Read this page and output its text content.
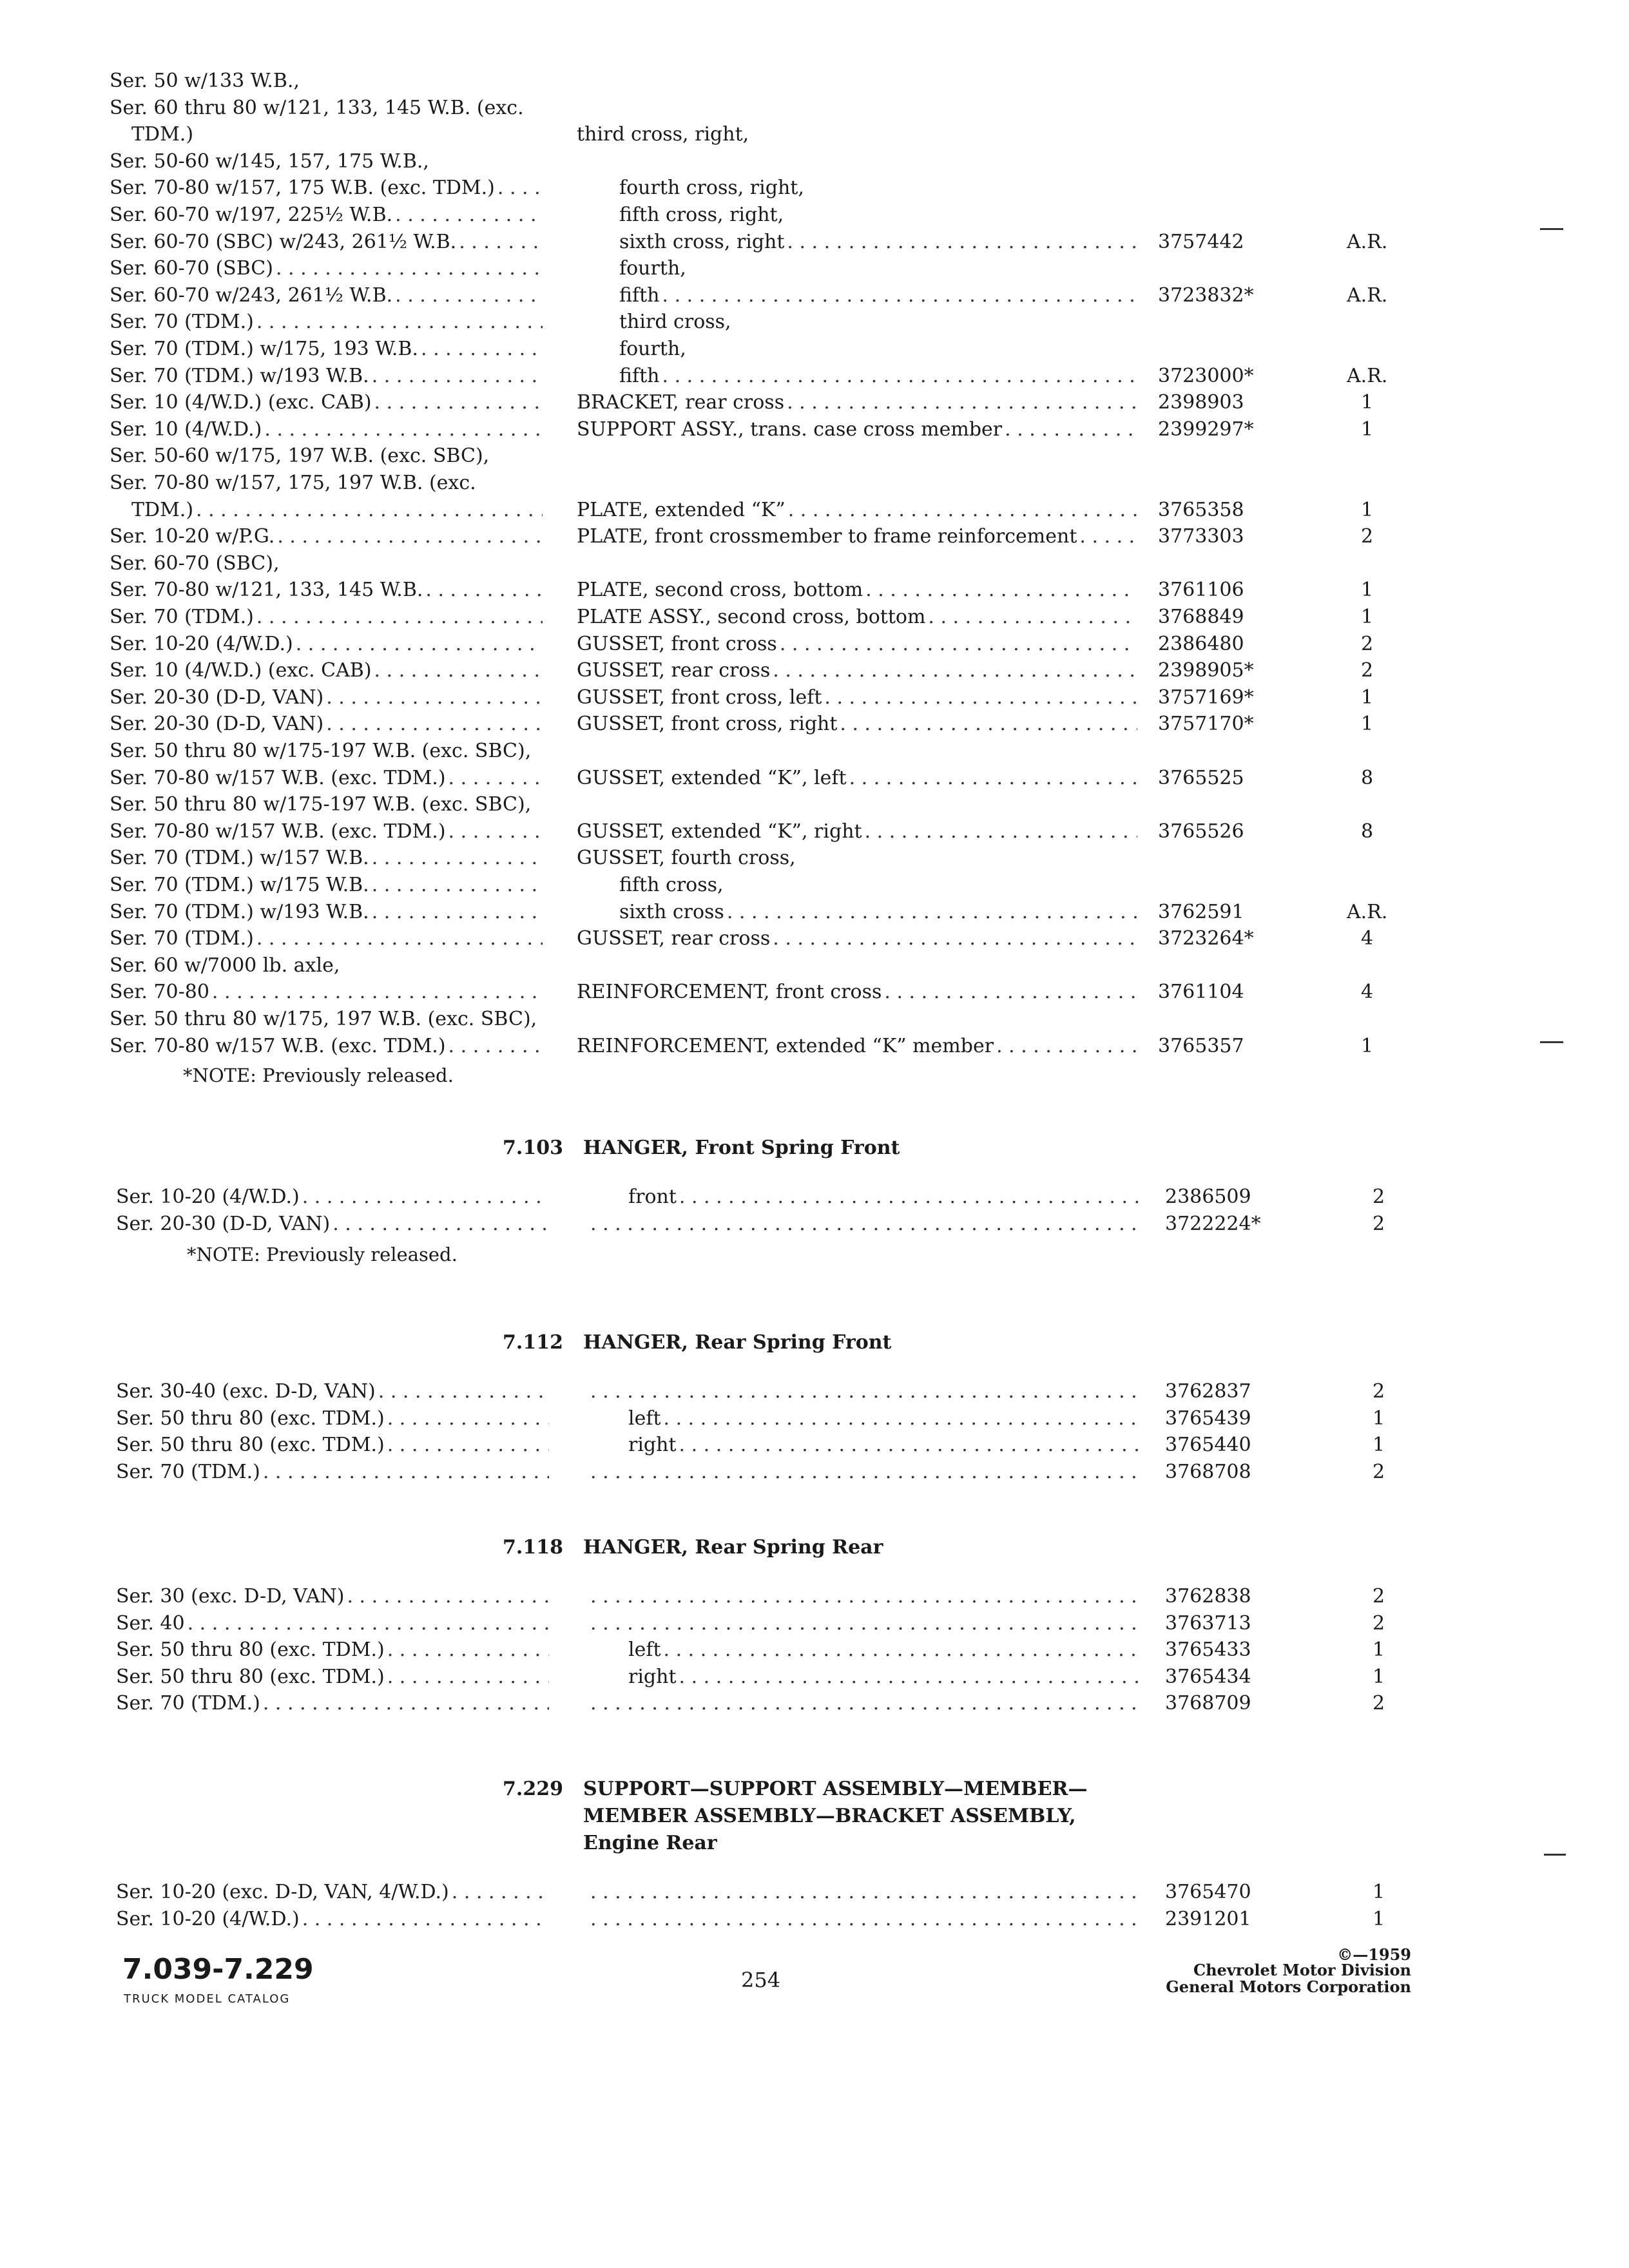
Ser. 50 w/133 W.B.,
Ser. 60 thru 80 w/121, 133, 145 W.B. (exc.
TDM.)	third cross, right,
Ser. 50-60 w/145, 157, 175 W.B.,
Ser. 70-80 w/157, 175 W.B. (exc. TDM.) . . .	fourth cross, right,
Ser. 60-70 w/197, 225½ W.B. . . .	fifth cross, right,
Ser. 60-70 (SBC) w/243, 261½ W.B. . . .	sixth cross, right . . .	3757442	A.R.
Ser. 60-70 (SBC) . . .	fourth,
Ser. 60-70 w/243, 261½ W.B. . . .	fifth . . .	3723832*	A.R.
Ser. 70 (TDM.) . . .	third cross,
Ser. 70 (TDM.) w/175, 193 W.B. . . .	fourth,
Ser. 70 (TDM.) w/193 W.B. . . .	fifth . . .	3723000*	A.R.
Ser. 10 (4/W.D.) (exc. CAB) . . .	BRACKET, rear cross . . .	2398903	1
Ser. 10 (4/W.D.) . . .	SUPPORT ASSY., trans. case cross member . . .	2399297*	1
Ser. 50-60 w/175, 197 W.B. (exc. SBC),
Ser. 70-80 w/157, 175, 197 W.B. (exc.
TDM.) . . .	PLATE, extended “K” . . .	3765358	1
Ser. 10-20 w/P.G. . . .	PLATE, front crossmember to frame reinforcement . . .	3773303	2
Ser. 60-70 (SBC),
Ser. 70-80 w/121, 133, 145 W.B. . . .	PLATE, second cross, bottom . . .	3761106	1
Ser. 70 (TDM.) . . .	PLATE ASSY., second cross, bottom . . .	3768849	1
Ser. 10-20 (4/W.D.) . . .	GUSSET, front cross . . .	2386480	2
Ser. 10 (4/W.D.) (exc. CAB) . . .	GUSSET, rear cross . . .	2398905*	2
Ser. 20-30 (D-D, VAN) . . .	GUSSET, front cross, left . . .	3757169*	1
Ser. 20-30 (D-D, VAN) . . .	GUSSET, front cross, right . . .	3757170*	1
Ser. 50 thru 80 w/175-197 W.B. (exc. SBC),
Ser. 70-80 w/157 W.B. (exc. TDM.) . . .	GUSSET, extended “K”, left . . .	3765525	8
Ser. 50 thru 80 w/175-197 W.B. (exc. SBC),
Ser. 70-80 w/157 W.B. (exc. TDM.) . . .	GUSSET, extended “K”, right . . .	3765526	8
Ser. 70 (TDM.) w/157 W.B. . . .	GUSSET, fourth cross,
Ser. 70 (TDM.) w/175 W.B. . . .	fifth cross,
Ser. 70 (TDM.) w/193 W.B. . . .	sixth cross . . .	3762591	A.R.
Ser. 70 (TDM.) . . .	GUSSET, rear cross . . .	3723264*	4
Ser. 60 w/7000 lb. axle,
Ser. 70-80 . . .	REINFORCEMENT, front cross . . .	3761104	4
Ser. 50 thru 80 w/175, 197 W.B. (exc. SBC),
Ser. 70-80 w/157 W.B. (exc. TDM.) . . .	REINFORCEMENT, extended “K” member . . .	3765357	1
*NOTE: Previously released.
7.103 HANGER, Front Spring Front
Ser. 10-20 (4/W.D.) . . .	front . . .	2386509	2
Ser. 20-30 (D-D, VAN) . . . . . .	3722224*	2
*NOTE: Previously released.
7.112 HANGER, Rear Spring Front
Ser. 30-40 (exc. D-D, VAN) . . . . . .	3762837	2
Ser. 50 thru 80 (exc. TDM.) . . .	left . . .	3765439	1
Ser. 50 thru 80 (exc. TDM.) . . .	right . . .	3765440	1
Ser. 70 (TDM.) . . . . . .	3768708	2
7.118 HANGER, Rear Spring Rear
Ser. 30 (exc. D-D, VAN) . . . . . .	3762838	2
Ser. 40 . . . . . .	3763713	2
Ser. 50 thru 80 (exc. TDM.) . . .	left . . .	3765433	1
Ser. 50 thru 80 (exc. TDM.) . . .	right . . .	3765434	1
Ser. 70 (TDM.) . . . . . .	3768709	2
7.229 SUPPORT—SUPPORT ASSEMBLY—MEMBER—
MEMBER ASSEMBLY—BRACKET ASSEMBLY,
Engine Rear
Ser. 10-20 (exc. D-D, VAN, 4/W.D.) . . . . . .	3765470	1
Ser. 10-20 (4/W.D.) . . . . . .	2391201	1
7.039-7.229
TRUCK MODEL CATALOG
254
©—1959
Chevrolet Motor Division
General Motors Corporation
